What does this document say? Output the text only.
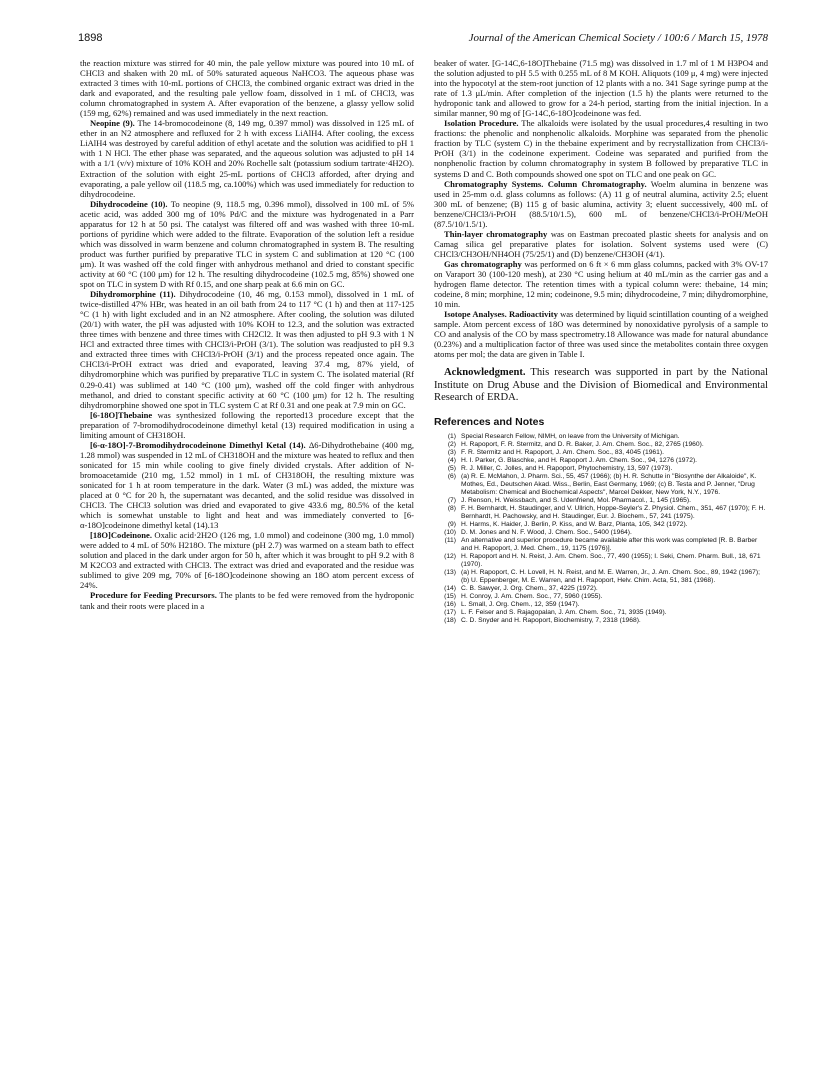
1898	Journal of the American Chemical Society / 100:6 / March 15, 1978

the reaction mixture was stirred for 40 min, the pale yellow mixture was poured into 10 mL of CHCl3 and shaken with 20 mL of 50% saturated aqueous NaHCO3. The aqueous phase was extracted 3 times with 10-mL portions of CHCl3, the combined organic extract was dried in the dark and evaporated, and the resulting pale yellow foam, dissolved in 1 mL of CHCl3, was column chromatographed in system A. After evaporation of the benzene, a glassy yellow solid (159 mg, 62%) remained and was used immediately in the next reaction.

Neopine (9). The 14-bromocodeinone (8, 149 mg, 0.397 mmol) was dissolved in 125 mL of ether in an N2 atmosphere and refluxed for 2 h with excess LiAlH4. After cooling, the excess LiAlH4 was destroyed by careful addition of ethyl acetate and the solution was acidified to pH 1 with 1 N HCl. The ether phase was separated, and the aqueous solution was adjusted to pH 14 with a 1/1 (v/v) mixture of 10% KOH and 20% Rochelle salt (potassium sodium tartrate·4H2O). Extraction of the solution with eight 25-mL portions of CHCl3 afforded, after drying and evaporating, a pale yellow oil (118.5 mg, ca.100%) which was used immediately for reduction to dihydrocodeine.

Dihydrocodeine (10). To neopine (9, 118.5 mg, 0.396 mmol), dissolved in 100 mL of 5% acetic acid, was added 300 mg of 10% Pd/C and the mixture was hydrogenated in a Parr apparatus for 12 h at 50 psi. The catalyst was filtered off and was washed with three 10-mL portions of pyridine which were added to the filtrate. Evaporation of the solution left a residue which was dissolved in warm benzene and column chromatographed in system B. The resulting product was further purified by preparative TLC in system C and sublimation at 120 °C (100 μm). It was washed off the cold finger with anhydrous methanol and dried to constant specific activity at 60 °C (100 μm) for 12 h. The resulting dihydrocodeine (102.5 mg, 85%) showed one spot on TLC in system D with Rf 0.15, and one sharp peak at 6.6 min on GC.

Dihydromorphine (11). Dihydrocodeine (10, 46 mg, 0.153 mmol), dissolved in 1 mL of twice-distilled 47% HBr, was heated in an oil bath from 24 to 117 °C (1 h) and then at 117-125 °C (1 h) with light excluded and in an N2 atmosphere. After cooling, the solution was diluted (20/1) with water, the pH was adjusted with 10% KOH to 12.3, and the solution was extracted three times with benzene and three times with CH2Cl2. It was then adjusted to pH 9.3 with 1 N HCl and extracted three times with CHCl3/i-PrOH (3/1). The solution was readjusted to pH 9.3 and extracted three times with CHCl3/i-PrOH (3/1) and the process repeated once again. The CHCl3/i-PrOH extract was dried and evaporated, leaving 37.4 mg, 87% yield, of dihydromorphine which was purified by preparative TLC in system C. The isolated material (Rf 0.29-0.41) was sublimed at 140 °C (100 μm), washed off the cold finger with anhydrous methanol, and dried to constant specific activity at 60 °C (100 μm) for 12 h. The resulting dihydromorphine showed one spot in TLC system C at Rf 0.31 and one peak at 7.9 min on GC.

[6-18O]Thebaine was synthesized following the reported13 procedure except that the preparation of 7-bromodihydrocodeinone dimethyl ketal (13) required modification in using a limiting amount of CH318OH.

[6-α-18O]-7-Bromodihydrocodeinone Dimethyl Ketal (14). Δ6-Dihydrothebaine (400 mg, 1.28 mmol) was suspended in 12 mL of CH318OH and the mixture was heated to reflux and then sonicated for 15 min while cooling to give finely divided crystals. After addition of N-bromoacetamide (210 mg, 1.52 mmol) in 1 mL of CH318OH, the resulting mixture was sonicated for 1 h at room temperature in the dark. Water (3 mL) was added, the mixture was placed at 0 °C for 20 h, the supernatant was decanted, and the solid residue was dissolved in CHCl3. The CHCl3 solution was dried and evaporated to give 433.6 mg, 80.5% of the ketal which is somewhat unstable to light and heat and was immediately converted to [6-α-18O]codeinone dimethyl ketal (14).13

[18O]Codeinone. Oxalic acid·2H2O (126 mg, 1.0 mmol) and codeinone (300 mg, 1.0 mmol) were added to 4 mL of 50% H218O. The mixture (pH 2.7) was warmed on a steam bath to effect solution and placed in the dark under argon for 50 h, after which it was brought to pH 9.2 with 8 M K2CO3 and extracted with CHCl3. The extract was dried and evaporated and the residue was sublimed to give 209 mg, 70% of [6-18O]codeinone showing an 18O atom percent excess of 24%.

Procedure for Feeding Precursors. The plants to be fed were removed from the hydroponic tank and their roots were placed in a

beaker of water. [G-14C,6-18O]Thebaine (71.5 mg) was dissolved in 1.7 ml of 1 M H3PO4 and the solution adjusted to pH 5.5 with 0.255 mL of 8 M KOH. Aliquots (109 μ, 4 mg) were injected into the hypocotyl at the stem-root junction of 12 plants with a no. 341 Sage syringe pump at the rate of 1.3 μL/min. After completion of the injection (1.5 h) the plants were returned to the hydroponic tank and allowed to grow for a 24-h period, starting from the initial injection. In a similar manner, 90 mg of [G-14C,6-18O]codeinone was fed.

Isolation Procedure. The alkaloids were isolated by the usual procedures,4 resulting in two fractions: the phenolic and nonphenolic alkaloids. Morphine was separated from the phenolic fraction by TLC (system C) in the thebaine experiment and by recrystallization from CHCl3/i-PrOH (3/1) in the codeinone experiment. Codeine was separated and purified from the nonphenolic fraction by column chromatography in system B followed by preparative TLC in systems D and C. Both compounds showed one spot on TLC and one peak on GC.

Chromatography Systems. Column Chromatography. Woelm alumina in benzene was used in 25-mm o.d. glass columns as follows: (A) 11 g of neutral alumina, activity 2.5; eluent 300 mL of benzene; (B) 115 g of basic alumina, activity 3; eluent successively, 400 mL of benzene/CHCl3/i-PrOH (88.5/10/1.5), 600 mL of benzene/CHCl3/i-PrOH/MeOH (87.5/10/1.5/1).

Thin-layer chromatography was on Eastman precoated plastic sheets for analysis and on Camag silica gel preparative plates for isolation. Solvent systems used were (C) CHCl3/CH3OH/NH4OH (75/25/1) and (D) benzene/CH3OH (4/1).

Gas chromatography was performed on 6 ft × 6 mm glass columns, packed with 3% OV-17 on Varaport 30 (100-120 mesh), at 230 °C using helium at 40 mL/min as the carrier gas and a hydrogen flame detector. The retention times with a typical column were: thebaine, 14 min; codeine, 8 min; morphine, 12 min; codeinone, 9.5 min; dihydrocodeine, 7 min; dihydromorphine, 10 min.

Isotope Analyses. Radioactivity was determined by liquid scintillation counting of a weighed sample. Atom percent excess of 18O was determined by nonoxidative pyrolysis of a sample to CO and analysis of the CO by mass spectrometry.18 Allowance was made for natural abundance (0.23%) and a multiplication factor of three was used since the metabolites contain three oxygen atoms per mol; the data are given in Table I.

Acknowledgment. This research was supported in part by the National Institute on Drug Abuse and the Division of Biomedical and Environmental Research of ERDA.

References and Notes
(1) Special Research Fellow, NIMH, on leave from the University of Michigan.
(2) H. Rapoport, F. R. Stermitz, and D. R. Baker, J. Am. Chem. Soc., 82, 2765 (1960).
(3) F. R. Stermitz and H. Rapoport, J. Am. Chem. Soc., 83, 4045 (1961).
(4) H. I. Parker, G. Blaschke, and H. Rapoport J. Am. Chem. Soc., 94, 1276 (1972).
(5) R. J. Miller, C. Jolles, and H. Rapoport, Phytochemistry, 13, 597 (1973).
(6) (a) R. E. McMahon, J. Pharm. Sci., 55, 457 (1966); (b) H. R. Schutte in "Biosynthe der Alkaloide", K. Mothes, Ed., Deutschen Akad. Wiss., Berlin, East Germany, 1969; (c) B. Testa and P. Jenner, "Drug Metabolism: Chemical and Biochemical Aspects", Marcel Dekker, New York, N.Y., 1976.
(7) J. Renson, H. Weissbach, and S. Udenfriend, Mol. Pharmacol., 1, 145 (1965).
(8) F. H. Bernhardt, H. Staudinger, and V. Ullrich, Hoppe-Seyler's Z. Physiol. Chem., 351, 467 (1970); F. H. Bernhardt, H. Pachowsky, and H. Staudinger, Eur. J. Biochem., 57, 241 (1975).
(9) H. Harms, K. Haider, J. Berlin, P. Kiss, and W. Barz, Planta, 105, 342 (1972).
(10) D. M. Jones and N. F. Wood, J. Chem. Soc., 5400 (1964).
(11) An alternative and superior procedure became available after this work was completed [R. B. Barber and H. Rapoport, J. Med. Chem., 19, 1175 (1976)].
(12) H. Rapoport and H. N. Reist, J. Am. Chem. Soc., 77, 490 (1955); I. Seki, Chem. Pharm. Bull., 18, 671 (1970).
(13) (a) H. Rapoport, C. H. Lovell, H. N. Reist, and M. E. Warren, Jr., J. Am. Chem. Soc., 89, 1942 (1967); (b) U. Eppenberger, M. E. Warren, and H. Rapoport, Helv. Chim. Acta, 51, 381 (1968).
(14) C. B. Sawyer, J. Org. Chem., 37, 4225 (1972).
(15) H. Conroy, J. Am. Chem. Soc., 77, 5960 (1955).
(16) L. Small, J. Org. Chem., 12, 359 (1947).
(17) L. F. Feiser and S. Rajagopalan, J. Am. Chem. Soc., 71, 3935 (1949).
(18) C. D. Snyder and H. Rapoport, Biochemistry, 7, 2318 (1968).
